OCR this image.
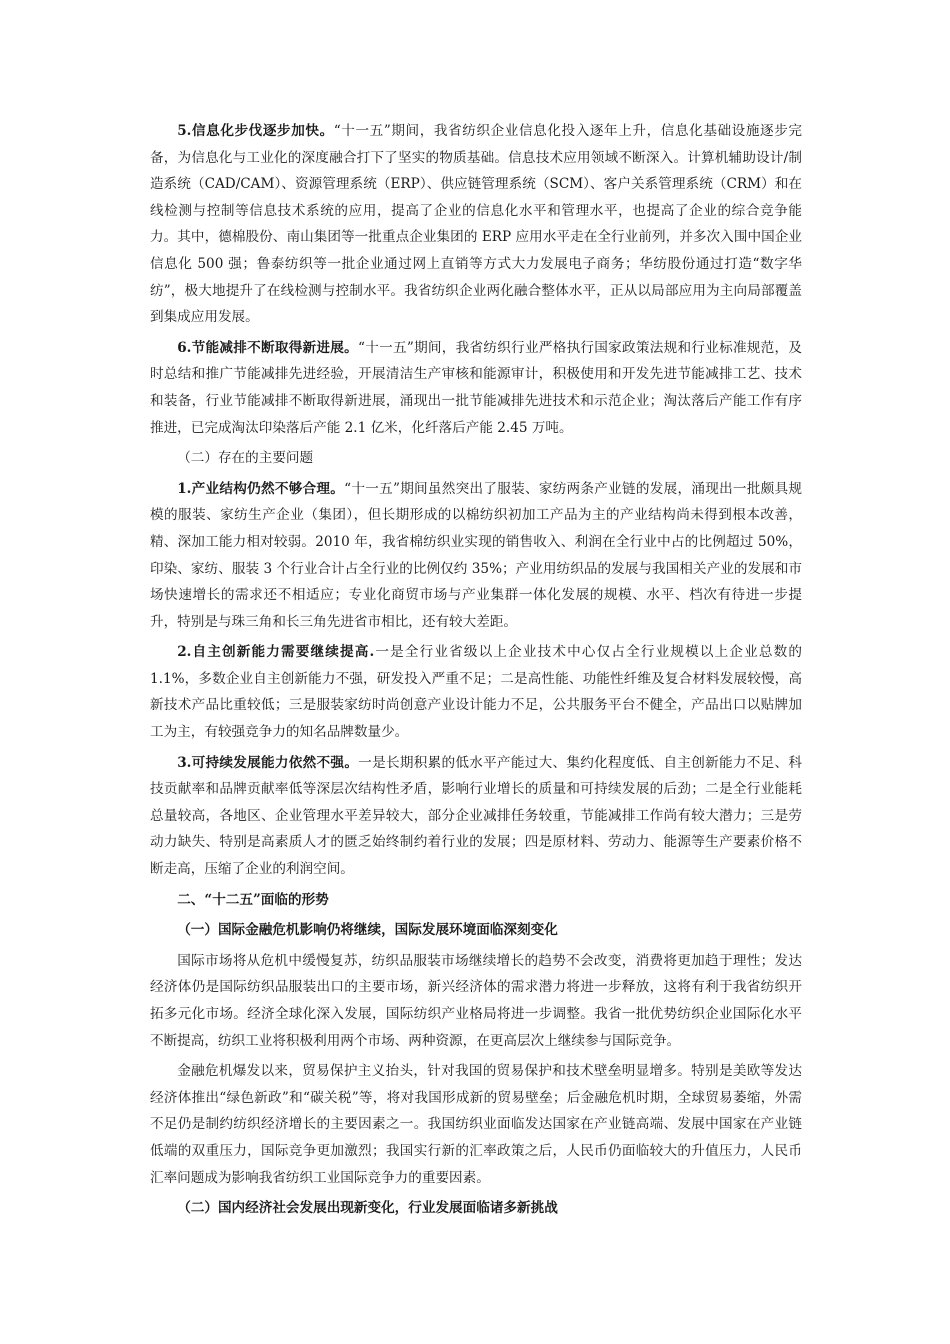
5.信息化步伐逐步加快。“十一五”期间，我省纺织企业信息化投入逐年上升，信息化基础设施逐步完备，为信息化与工业化的深度融合打下了坚实的物质基础。信息技术应用领域不断深入。计算机辅助设计/制造系统（CAD/CAM）、资源管理系统（ERP）、供应链管理系统（SCM）、客户关系管理系统（CRM）和在线检测与控制等信息技术系统的应用，提高了企业的信息化水平和管理水平，也提高了企业的综合竞争能力。其中，德棉股份、南山集团等一批重点企业集团的 ERP 应用水平走在全行业前列，并多次入围中国企业信息化 500 强；鲁泰纺织等一批企业通过网上直销等方式大力发展电子商务；华纺股份通过打造“数字华纺”，极大地提升了在线检测与控制水平。我省纺织企业两化融合整体水平，正从以局部应用为主向局部覆盖到集成应用发展。

6.节能减排不断取得新进展。“十一五”期间，我省纺织行业严格执行国家政策法规和行业标准规范，及时总结和推广节能减排先进经验，开展清洁生产审核和能源审计，积极使用和开发先进节能减排工艺、技术和装备，行业节能减排不断取得新进展，涌现出一批节能减排先进技术和示范企业；淘汰落后产能工作有序推进，已完成淘汰印染落后产能 2.1 亿米，化纤落后产能 2.45 万吨。

（二）存在的主要问题

1.产业结构仍然不够合理。“十一五”期间虽然突出了服装、家纺两条产业链的发展，涌现出一批颇具规模的服装、家纺生产企业（集团），但长期形成的以棉纺织初加工产品为主的产业结构尚未得到根本改善，精、深加工能力相对较弱。2010 年，我省棉纺织业实现的销售收入、利润在全行业中占的比例超过 50%，印染、家纺、服装 3 个行业合计占全行业的比例仅约 35%；产业用纺织品的发展与我国相关产业的发展和市场快速增长的需求还不相适应；专业化商贸市场与产业集群一体化发展的规模、水平、档次有待进一步提升，特别是与珠三角和长三角先进省市相比，还有较大差距。

2.自主创新能力需要继续提高.一是全行业省级以上企业技术中心仅占全行业规模以上企业总数的 1.1%，多数企业自主创新能力不强，研发投入严重不足；二是高性能、功能性纤维及复合材料发展较慢，高新技术产品比重较低；三是服装家纺时尚创意产业设计能力不足，公共服务平台不健全，产品出口以贴牌加工为主，有较强竞争力的知名品牌数量少。

3.可持续发展能力依然不强。一是长期积累的低水平产能过大、集约化程度低、自主创新能力不足、科技贡献率和品牌贡献率低等深层次结构性矛盾，影响行业增长的质量和可持续发展的后劲；二是全行业能耗总量较高，各地区、企业管理水平差异较大，部分企业减排任务较重，节能减排工作尚有较大潜力；三是劳动力缺失、特别是高素质人才的匮乏始终制约着行业的发展；四是原材料、劳动力、能源等生产要素价格不断走高，压缩了企业的利润空间。

二、“十二五”面临的形势
（一）国际金融危机影响仍将继续，国际发展环境面临深刻变化

国际市场将从危机中缓慢复苏，纺织品服装市场继续增长的趋势不会改变，消费将更加趋于理性；发达经济体仍是国际纺织品服装出口的主要市场，新兴经济体的需求潜力将进一步释放，这将有利于我省纺织开拓多元化市场。经济全球化深入发展，国际纺织产业格局将进一步调整。我省一批优势纺织企业国际化水平不断提高，纺织工业将积极利用两个市场、两种资源，在更高层次上继续参与国际竞争。

金融危机爆发以来，贸易保护主义抬头，针对我国的贸易保护和技术壁垒明显增多。特别是美欧等发达经济体推出“绿色新政”和“碳关税”等，将对我国形成新的贸易壁垒；后金融危机时期，全球贸易萎缩，外需不足仍是制约纺织经济增长的主要因素之一。我国纺织业面临发达国家在产业链高端、发展中国家在产业链低端的双重压力，国际竞争更加激烈；我国实行新的汇率政策之后，人民币仍面临较大的升值压力，人民币汇率问题成为影响我省纺织工业国际竞争力的重要因素。

（二）国内经济社会发展出现新变化，行业发展面临诸多新挑战
